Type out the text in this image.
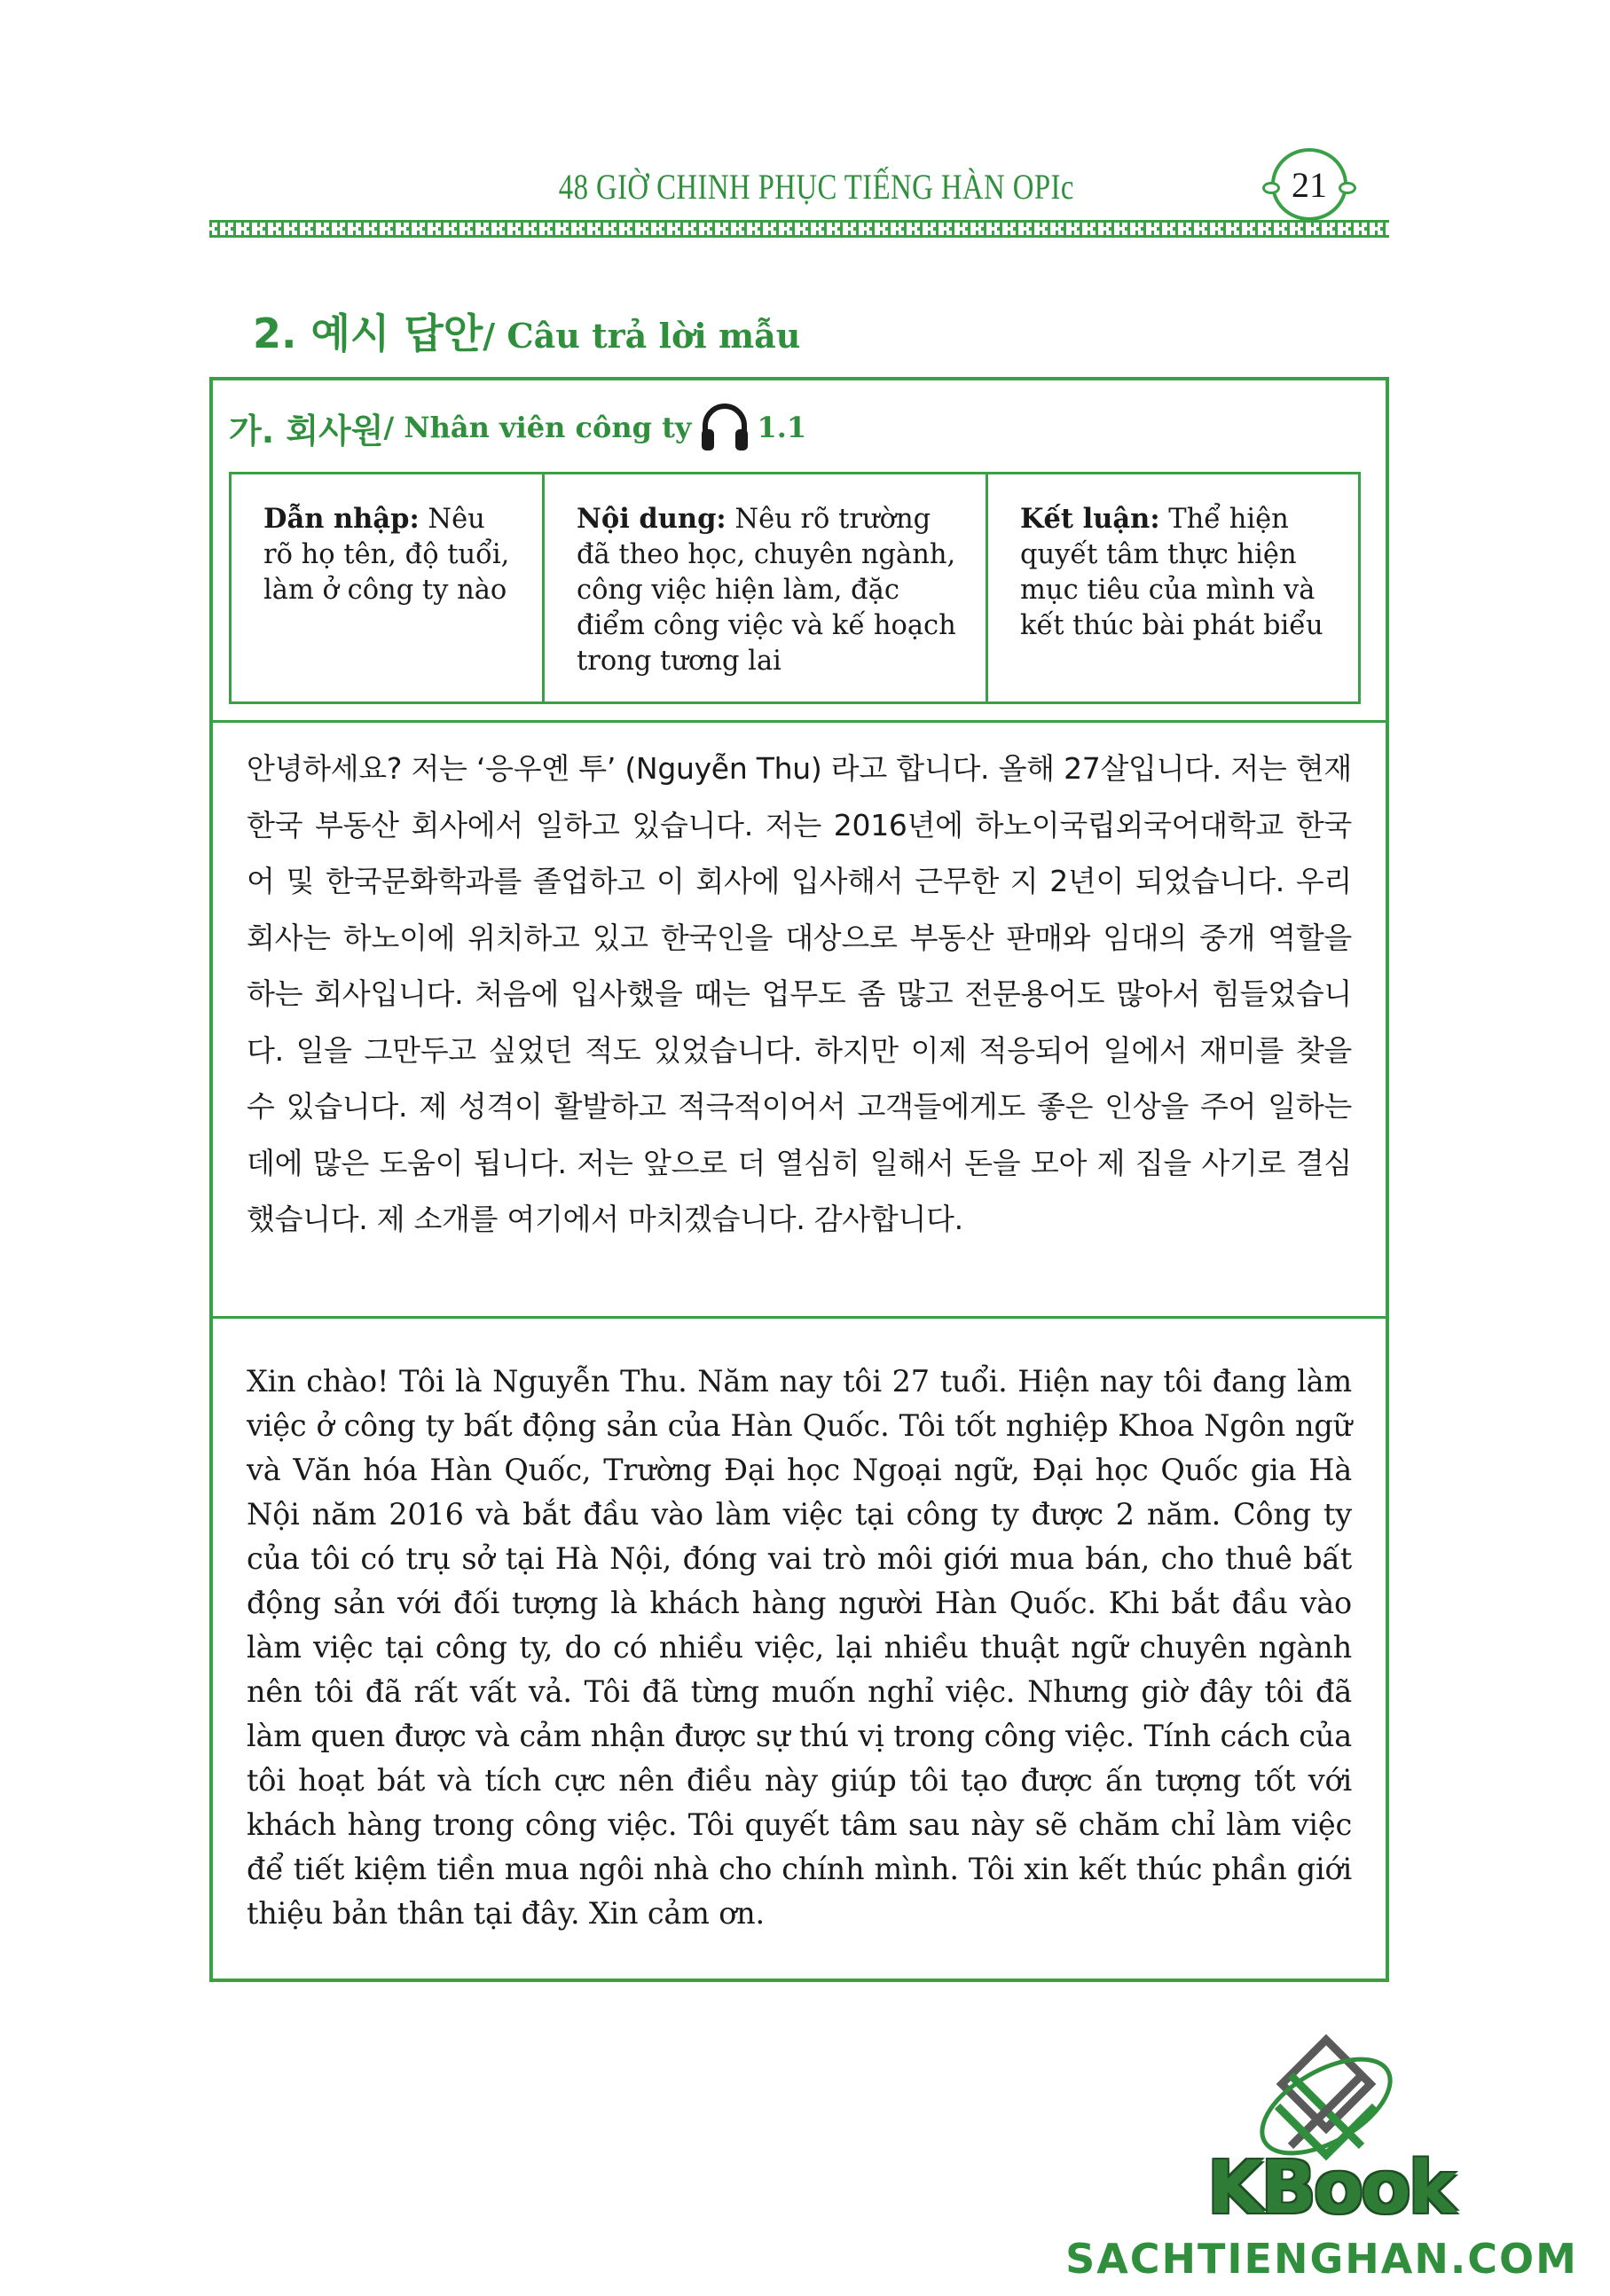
48 GIỜ CHINH PHỤC TIẾNG HÀN OPIc	21
2. 예시 답안 / Câu trả lời mẫu
가. 회사원 / Nhân viên công ty 1.1
Dẫn nhập: Nêu rõ họ tên, độ tuổi, làm ở công ty nào
Nội dung: Nêu rõ trường đã theo học, chuyên ngành, công việc hiện làm, đặc điểm công việc và kế hoạch trong tương lai
Kết luận: Thể hiện quyết tâm thực hiện mục tiêu của mình và kết thúc bài phát biểu
안녕하세요? 저는 ‘응우옌 투’ (Nguyễn Thu) 라고 합니다. 올해 27살입니다. 저는 현재 한국 부동산 회사에서 일하고 있습니다. 저는 2016년에 하노이국립외국어대학교 한국어 및 한국문화학과를 졸업하고 이 회사에 입사해서 근무한 지 2년이 되었습니다. 우리 회사는 하노이에 위치하고 있고 한국인을 대상으로 부동산 판매와 임대의 중개 역할을 하는 회사입니다. 처음에 입사했을 때는 업무도 좀 많고 전문용어도 많아서 힘들었습니다. 일을 그만두고 싶었던 적도 있었습니다. 하지만 이제 적응되어 일에서 재미를 찾을 수 있습니다. 제 성격이 활발하고 적극적이어서 고객들에게도 좋은 인상을 주어 일하는 데에 많은 도움이 됩니다. 저는 앞으로 더 열심히 일해서 돈을 모아 제 집을 사기로 결심했습니다. 제 소개를 여기에서 마치겠습니다. 감사합니다.
Xin chào! Tôi là Nguyễn Thu. Năm nay tôi 27 tuổi. Hiện nay tôi đang làm việc ở công ty bất động sản của Hàn Quốc. Tôi tốt nghiệp Khoa Ngôn ngữ và Văn hóa Hàn Quốc, Trường Đại học Ngoại ngữ, Đại học Quốc gia Hà Nội năm 2016 và bắt đầu vào làm việc tại công ty được 2 năm. Công ty của tôi có trụ sở tại Hà Nội, đóng vai trò môi giới mua bán, cho thuê bất động sản với đối tượng là khách hàng người Hàn Quốc. Khi bắt đầu vào làm việc tại công ty, do có nhiều việc, lại nhiều thuật ngữ chuyên ngành nên tôi đã rất vất vả. Tôi đã từng muốn nghỉ việc. Nhưng giờ đây tôi đã làm quen được và cảm nhận được sự thú vị trong công việc. Tính cách của tôi hoạt bát và tích cực nên điều này giúp tôi tạo được ấn tượng tốt với khách hàng trong công việc. Tôi quyết tâm sau này sẽ chăm chỉ làm việc để tiết kiệm tiền mua ngôi nhà cho chính mình. Tôi xin kết thúc phần giới thiệu bản thân tại đây. Xin cảm ơn.
KBook
SACHTIENGHAN.COM
